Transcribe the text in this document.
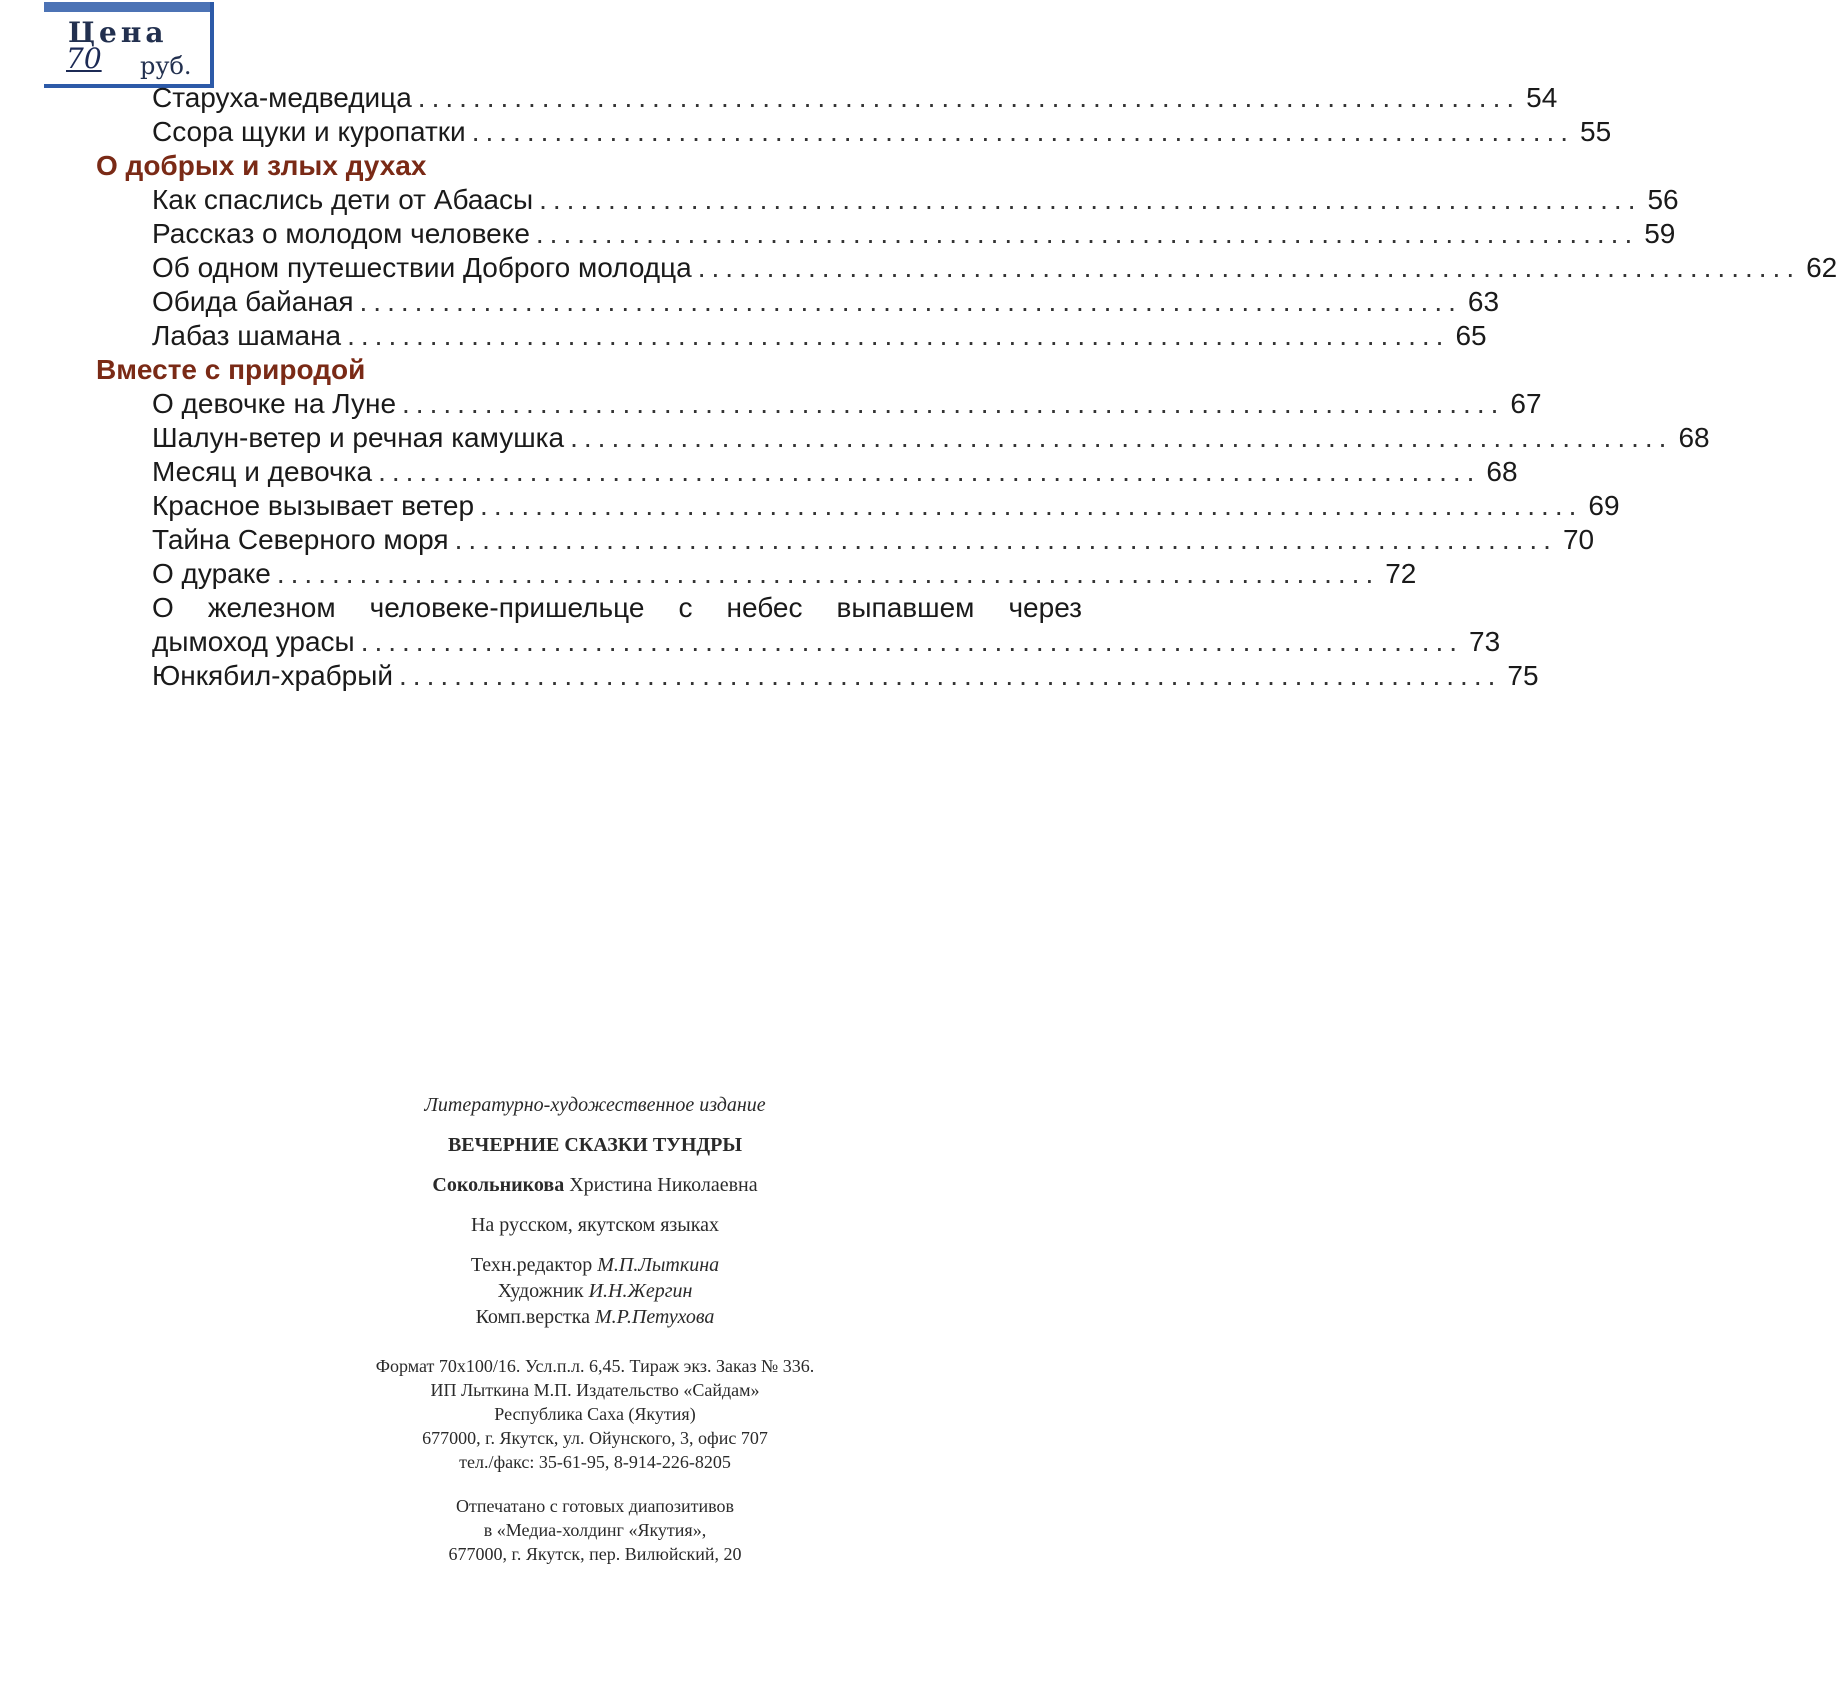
Цена
70 руб.
Старуха-медведица ................................................................................ 54
Ссора щуки и куропатки ................................................................................ 55
О добрых и злых духах
Как спаслись дети от Абаасы ................................................................................ 56
Рассказ о молодом человеке ................................................................................ 59
Об одном путешествии Доброго молодца ................................................................................ 62
Обида байаная ................................................................................ 63
Лабаз шамана ................................................................................ 65
Вместе с природой
О девочке на Луне ................................................................................ 67
Шалун-ветер и речная камушка ................................................................................ 68
Месяц и девочка ................................................................................ 68
Красное вызывает ветер ................................................................................ 69
Тайна Северного моря ................................................................................ 70
О дураке ................................................................................ 72
О железном человеке-пришельце с небес выпавшем через
дымоход урасы ................................................................................ 73
Юнкябил-храбрый ................................................................................ 75
Литературно-художественное издание
ВЕЧЕРНИЕ СКАЗКИ ТУНДРЫ
Сокольникова Христина Николаевна
На русском, якутском языках
Техн.редактор М.П.Лыткина
Художник И.Н.Жергин
Комп.верстка М.Р.Петухова
Формат 70х100/16. Усл.п.л. 6,45. Тираж экз. Заказ № 336.
ИП Лыткина М.П. Издательство «Сайдам»
Республика Саха (Якутия)
677000, г. Якутск, ул. Ойунского, 3, офис 707
тел./факс: 35-61-95, 8-914-226-8205
Отпечатано с готовых диапозитивов
в «Медиа-холдинг «Якутия»,
677000, г. Якутск, пер. Вилюйский, 20
